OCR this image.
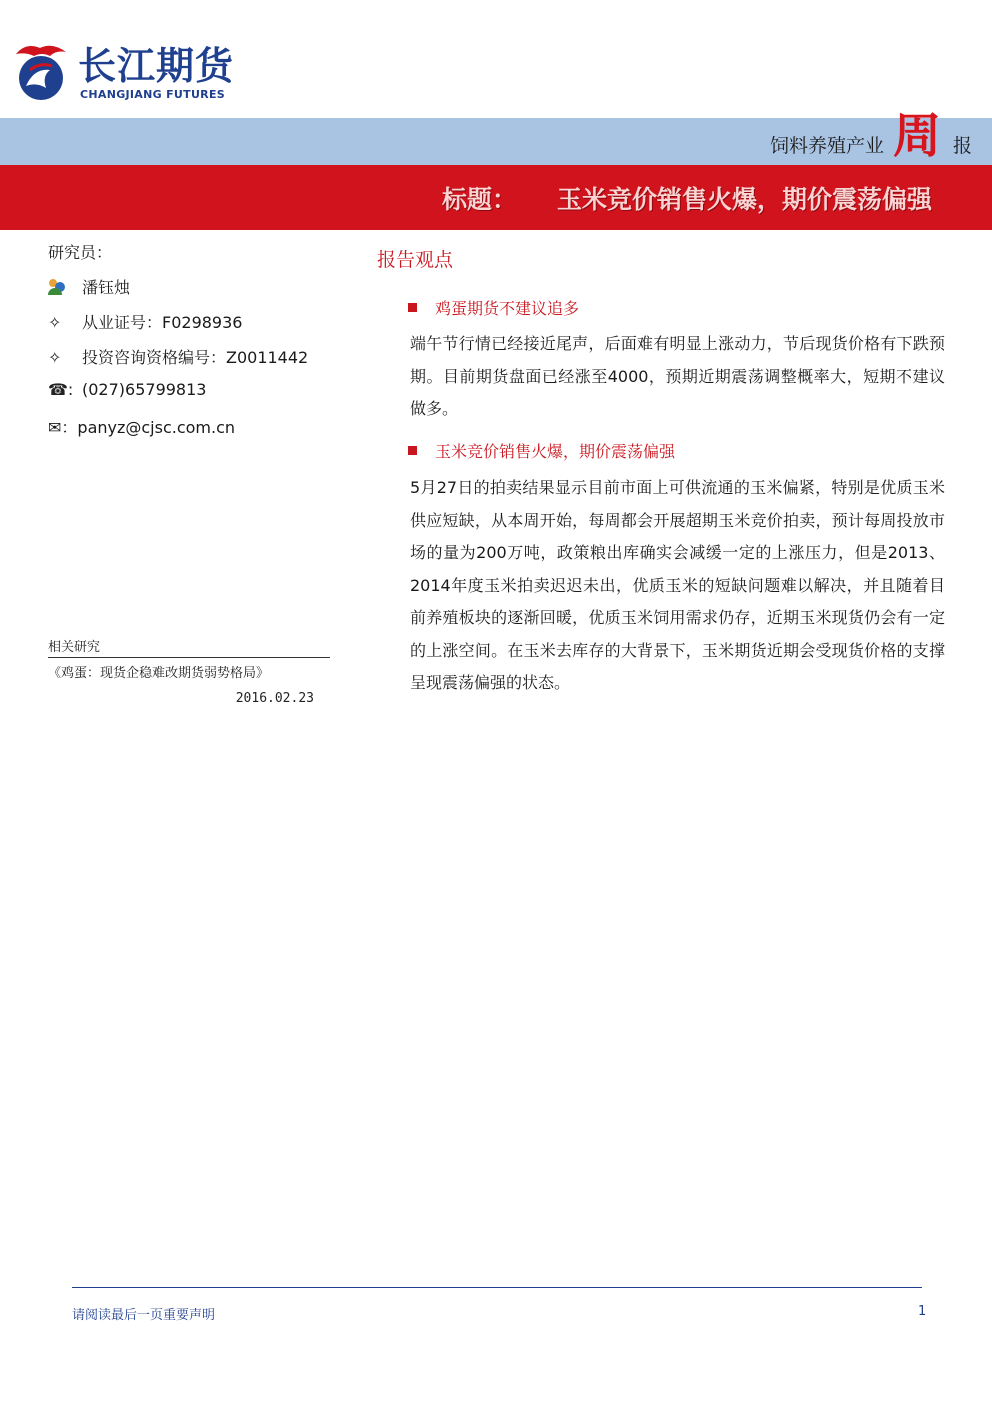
长江期货
CHANGJIANG FUTURES
饲料养殖产业 周 报
标题： 玉米竞价销售火爆，期价震荡偏强
研究员：
潘钰烛
✧ 从业证号：F0298936
✧ 投资咨询资格编号：Z0011442
☎: (027)65799813
✉：panyz@cjsc.com.cn
相关研究
《鸡蛋：现货企稳难改期货弱势格局》
2016.02.23
报告观点
鸡蛋期货不建议追多
端午节行情已经接近尾声，后面难有明显上涨动力，节后现货价格有下跌预期。目前期货盘面已经涨至4000，预期近期震荡调整概率大，短期不建议做多。
玉米竞价销售火爆，期价震荡偏强
5月27日的拍卖结果显示目前市面上可供流通的玉米偏紧，特别是优质玉米供应短缺，从本周开始，每周都会开展超期玉米竞价拍卖，预计每周投放市场的量为200万吨，政策粮出库确实会减缓一定的上涨压力，但是2013、2014年度玉米拍卖迟迟未出，优质玉米的短缺问题难以解决，并且随着目前养殖板块的逐渐回暖，优质玉米饲用需求仍存，近期玉米现货仍会有一定的上涨空间。在玉米去库存的大背景下，玉米期货近期会受现货价格的支撑呈现震荡偏强的状态。
请阅读最后一页重要声明	1
